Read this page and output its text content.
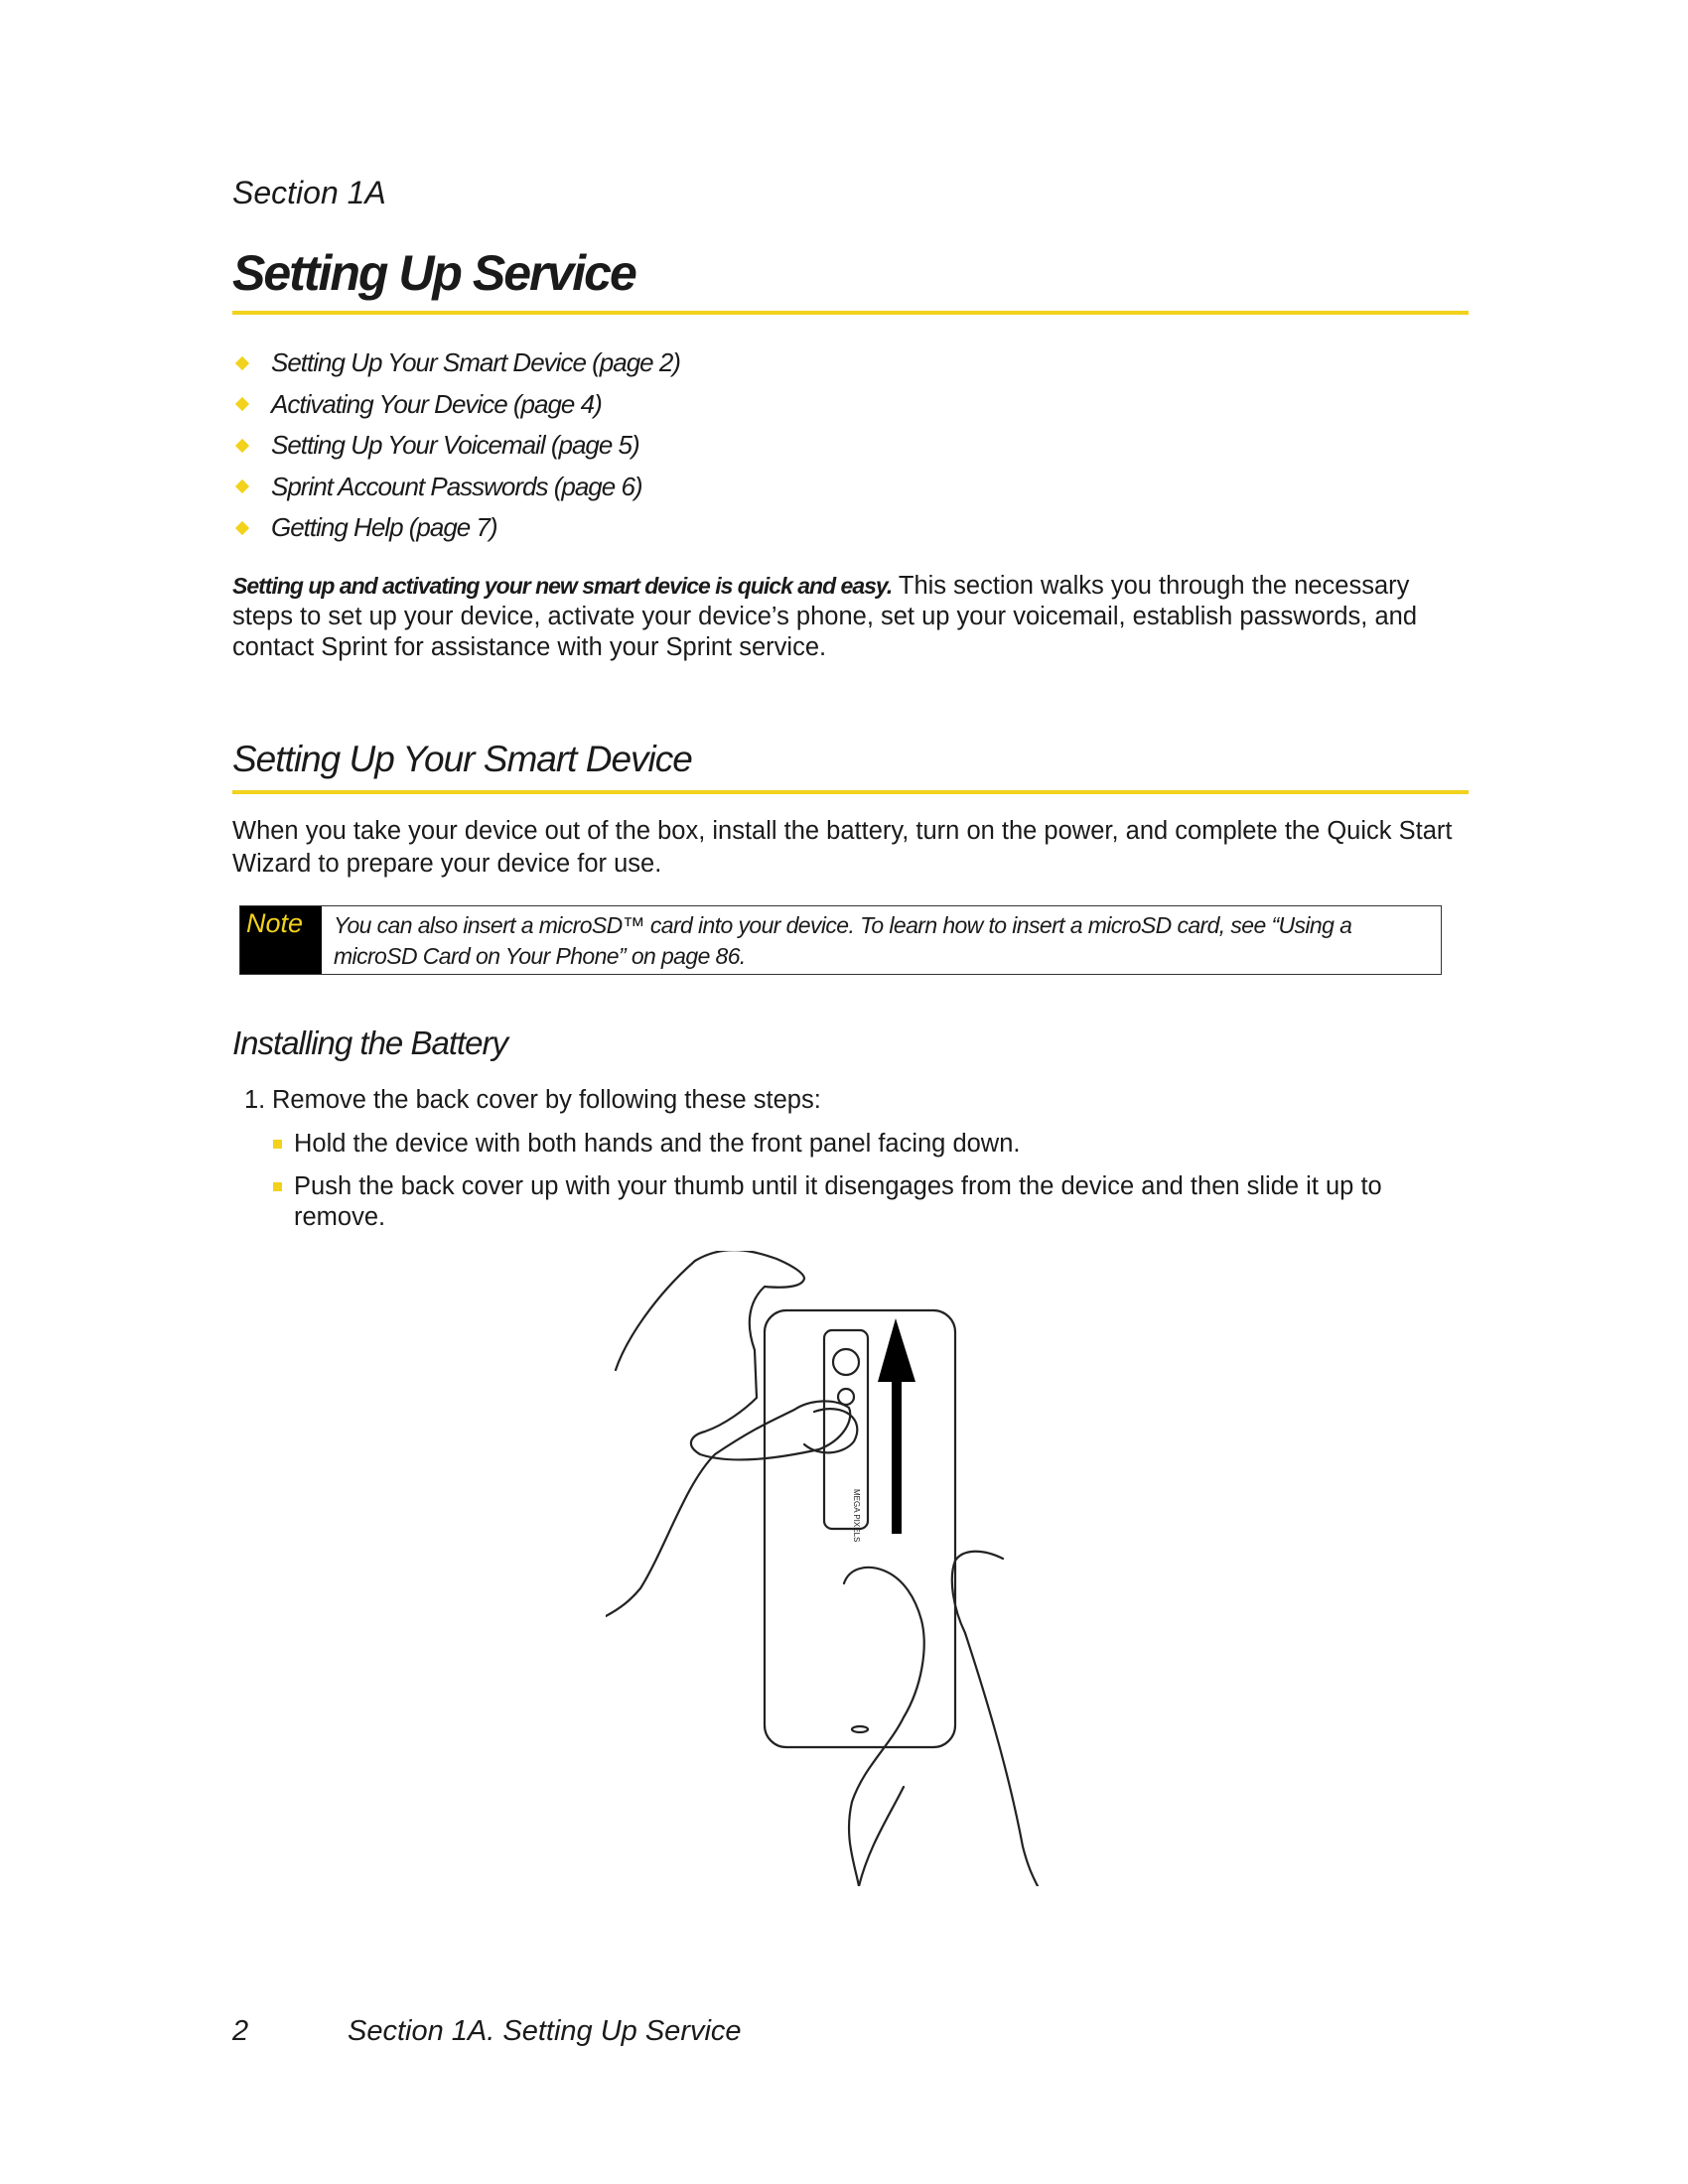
Section 1A
Setting Up Service
Setting Up Your Smart Device (page 2)
Activating Your Device (page 4)
Setting Up Your Voicemail (page 5)
Sprint Account Passwords (page 6)
Getting Help (page 7)
Setting up and activating your new smart device is quick and easy. This section walks you through the necessary steps to set up your device, activate your device’s phone, set up your voicemail, establish passwords, and contact Sprint for assistance with your Sprint service.
Setting Up Your Smart Device
When you take your device out of the box, install the battery, turn on the power, and complete the Quick Start Wizard to prepare your device for use.
Note	You can also insert a microSD™ card into your device. To learn how to insert a microSD card, see “Using a microSD Card on Your Phone” on page 86.
Installing the Battery
1. Remove the back cover by following these steps:
Hold the device with both hands and the front panel facing down.
Push the back cover up with your thumb until it disengages from the device and then slide it up to remove.
MEGA PIXELS
2	Section 1A. Setting Up Service
